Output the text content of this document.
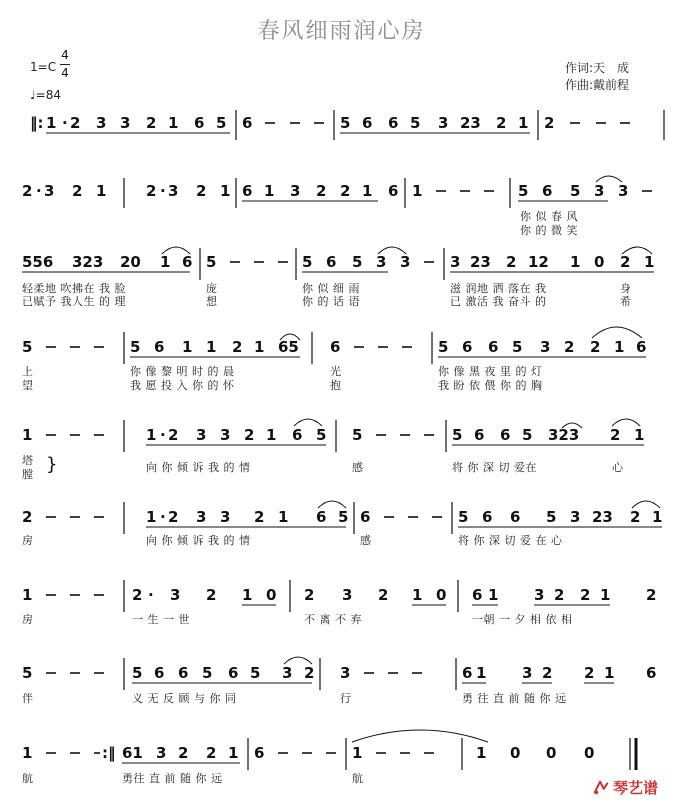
春风细雨润心房
1=C
4
4
♩=84
作词:天　成
作曲:戴前程
‖: 1 · 2 3 3 2 1 6 5 6	5 6 6 5 3 23 2 1 2
2 · 3 2 1	2 · 3 2 1 6 1 3 2 2 1 6 1	5 6 5 3 3
556 323 20 1 6 5	5 6 5 3 3	3 23 2 12 1 0 2 1
5	5 6 1 1 2 1 65 6	5 6 6 5 3 2 2 1 6
1	1 · 2 3 3 2 1 6 5 5	5 6 6 5 323 2 1
}
2	1 · 2 3 3 2 1 6 5 6	5 6 6 5 3 23 2 1
1	2 · 3 2 1 0 2 3 2 1 0 6 1 3 2 2 1 2
5	5 6 6 5 6 5 3 2 3	6 1 3 2 2 1 6
1	:‖ 61 3 2 2 1 6	1	1 0 0 0
你 似 春 风
你 的 微 笑
轻柔地 吹拂在 我 脸	庞	你 似 细 雨	滋 润地 洒 落在 我	身
已赋予 我人生 的 理	想	你 的 话 语	已 激活 我 奋斗 的	希
上	你 像 黎 明 时 的 晨	光	你 像 黑 夜 里 的 灯
望	我 愿 投 入 你 的 怀	抱	我 盼 依 偎 你 的 胸
塔
膛
向 你 倾 诉 我 的 情	感	将 你 深 切 爱在	心
房	向 你 倾 诉 我 的 情	感	将 你 深 切 爱 在 心
房	一 生 一 世	不 离 不 弃	一朝 一 夕 相 依 相
伴	义 无 反 顾 与 你 同	行	勇 往 直 前 随 你 远
航	勇往 直 前 随 你 远	航	琴艺谱
